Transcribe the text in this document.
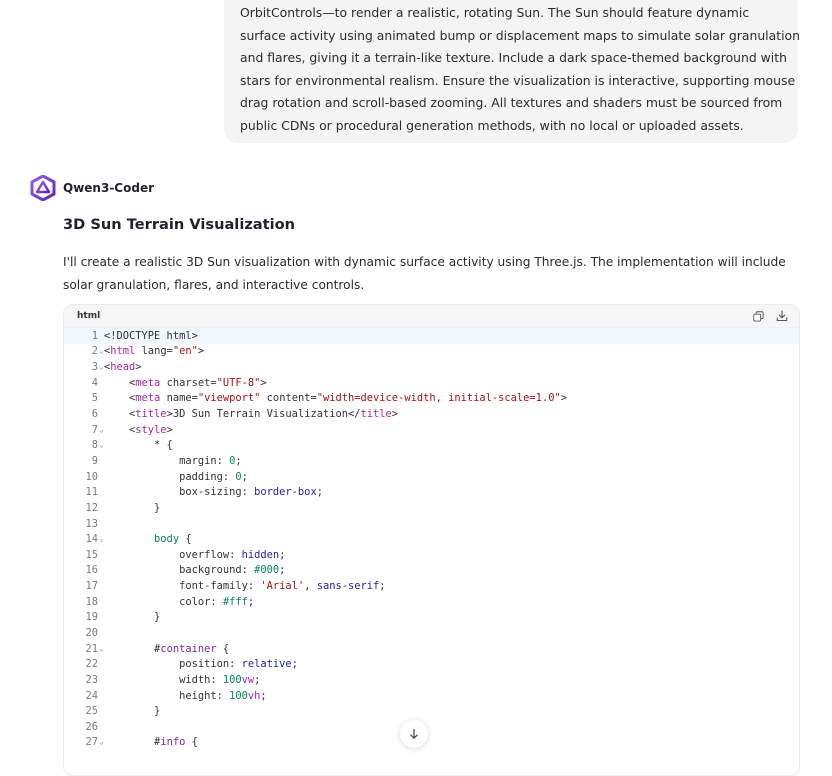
OrbitControls—to render a realistic, rotating Sun. The Sun should feature dynamic
surface activity using animated bump or displacement maps to simulate solar granulation
and flares, giving it a terrain-like texture. Include a dark space-themed background with
stars for environmental realism. Ensure the visualization is interactive, supporting mouse
drag rotation and scroll-based zooming. All textures and shaders must be sourced from
public CDNs or procedural generation methods, with no local or uploaded assets.
Qwen3-Coder
3D Sun Terrain Visualization
I'll create a realistic 3D Sun visualization with dynamic surface activity using Three.js. The implementation will include
solar granulation, flares, and interactive controls.
html
1 <!DOCTYPE html>
2 ⌄ <html lang="en">
3 ⌄ <head>
4 <meta charset="UTF-8">
5 <meta name="viewport" content="width=device-width, initial-scale=1.0">
6 <title>3D Sun Terrain Visualization</title>
7 ⌄ <style>
8 ⌄ * {
9 margin: 0;
10 padding: 0;
11 box-sizing: border-box;
12 }
13
14 ⌄	body {
15 overflow: hidden;
16 background: #000;
17 font-family: 'Arial', sans-serif;
18 color: #fff;
19 }
20
21 ⌄ #container {
22 position: relative;
23 width: 100vw;
24 height: 100vh;
25 }
26
27 ⌄ #info {
